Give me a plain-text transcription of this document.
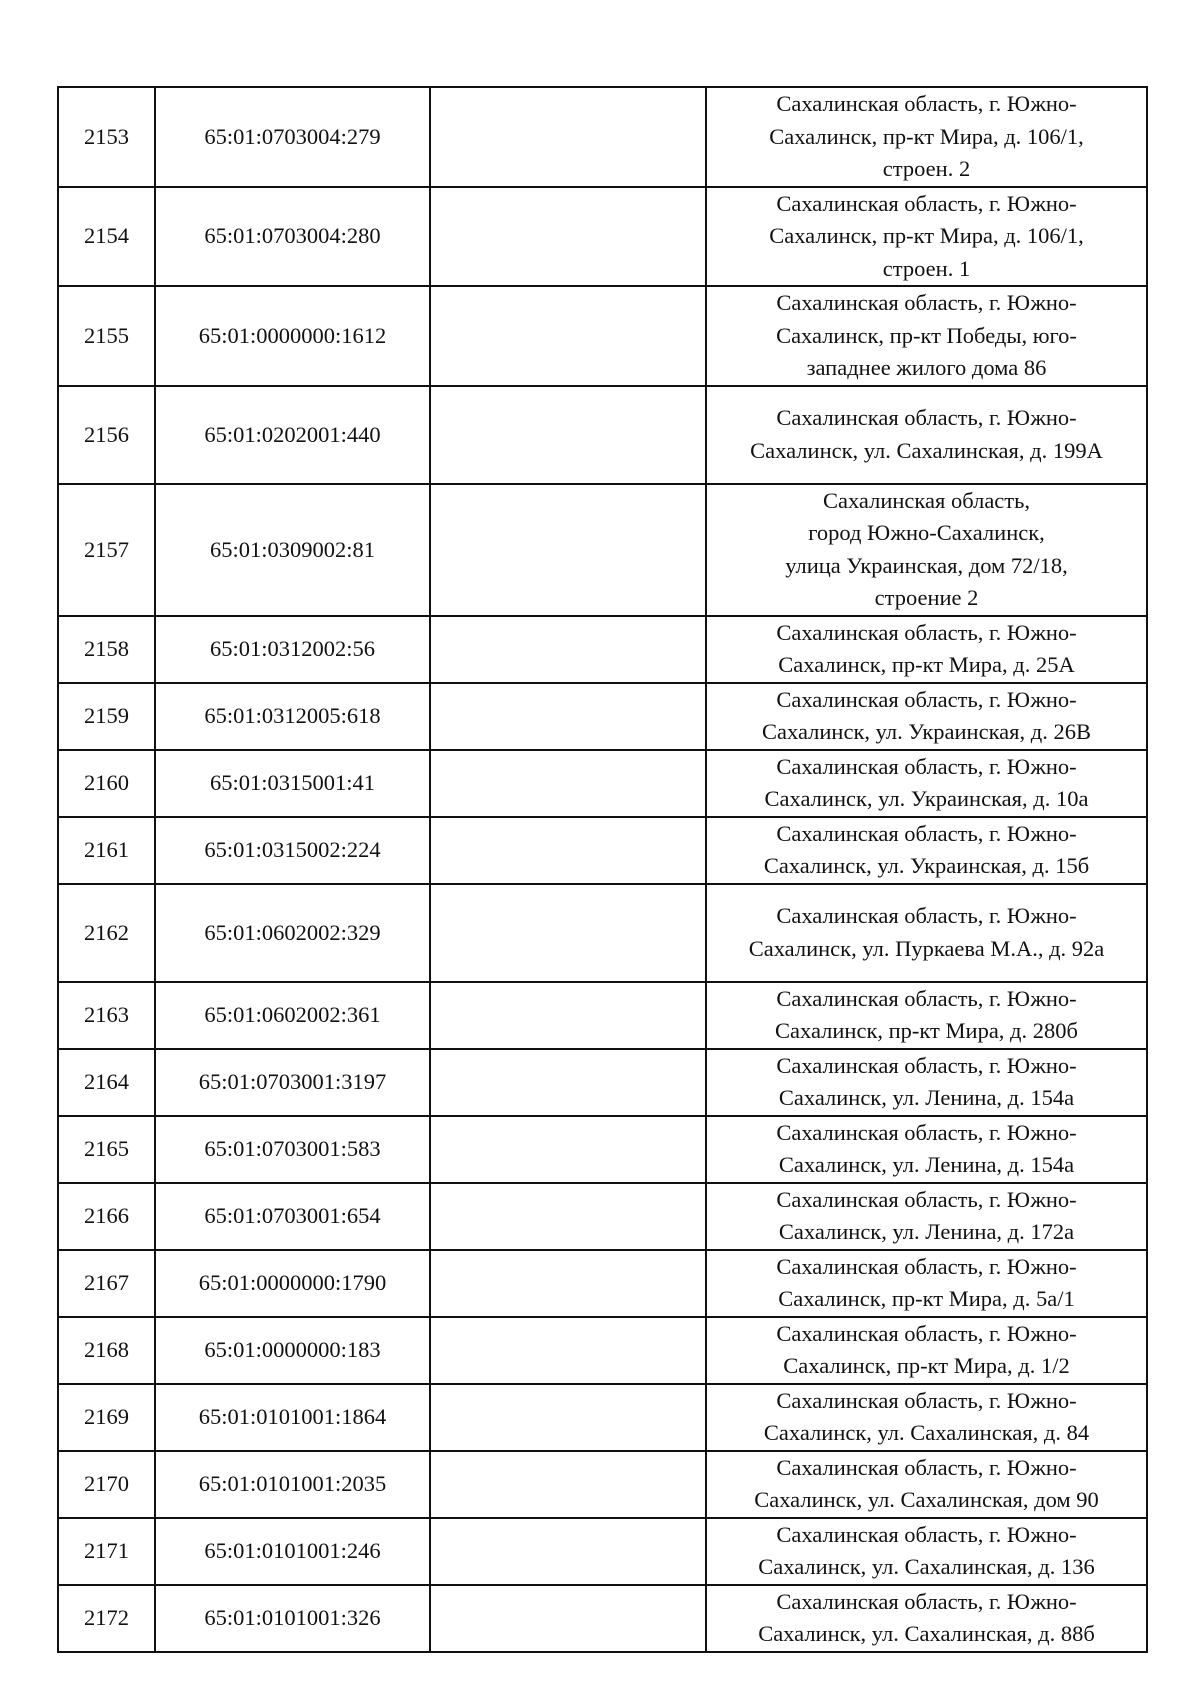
2153	65:01:0703004:279		Сахалинская область, г. Южно-
Сахалинск, пр-кт Мира, д. 106/1,
строен. 2
2154	65:01:0703004:280		Сахалинская область, г. Южно-
Сахалинск, пр-кт Мира, д. 106/1,
строен. 1
2155	65:01:0000000:1612		Сахалинская область, г. Южно-
Сахалинск, пр-кт Победы, юго-
западнее жилого дома 86
2156	65:01:0202001:440		Сахалинская область, г. Южно-
Сахалинск, ул. Сахалинская, д. 199А
2157	65:01:0309002:81		Сахалинская область,
город Южно-Сахалинск,
улица Украинская, дом 72/18,
строение 2
2158	65:01:0312002:56		Сахалинская область, г. Южно-
Сахалинск, пр-кт Мира, д. 25А
2159	65:01:0312005:618		Сахалинская область, г. Южно-
Сахалинск, ул. Украинская, д. 26В
2160	65:01:0315001:41		Сахалинская область, г. Южно-
Сахалинск, ул. Украинская, д. 10а
2161	65:01:0315002:224		Сахалинская область, г. Южно-
Сахалинск, ул. Украинская, д. 15б
2162	65:01:0602002:329		Сахалинская область, г. Южно-
Сахалинск, ул. Пуркаева М.А., д. 92а
2163	65:01:0602002:361		Сахалинская область, г. Южно-
Сахалинск, пр-кт Мира, д. 280б
2164	65:01:0703001:3197		Сахалинская область, г. Южно-
Сахалинск, ул. Ленина, д. 154а
2165	65:01:0703001:583		Сахалинская область, г. Южно-
Сахалинск, ул. Ленина, д. 154а
2166	65:01:0703001:654		Сахалинская область, г. Южно-
Сахалинск, ул. Ленина, д. 172а
2167	65:01:0000000:1790		Сахалинская область, г. Южно-
Сахалинск, пр-кт Мира, д. 5а/1
2168	65:01:0000000:183		Сахалинская область, г. Южно-
Сахалинск, пр-кт Мира, д. 1/2
2169	65:01:0101001:1864		Сахалинская область, г. Южно-
Сахалинск, ул. Сахалинская, д. 84
2170	65:01:0101001:2035		Сахалинская область, г. Южно-
Сахалинск, ул. Сахалинская, дом 90
2171	65:01:0101001:246		Сахалинская область, г. Южно-
Сахалинск, ул. Сахалинская, д. 136
2172	65:01:0101001:326		Сахалинская область, г. Южно-
Сахалинск, ул. Сахалинская, д. 88б
